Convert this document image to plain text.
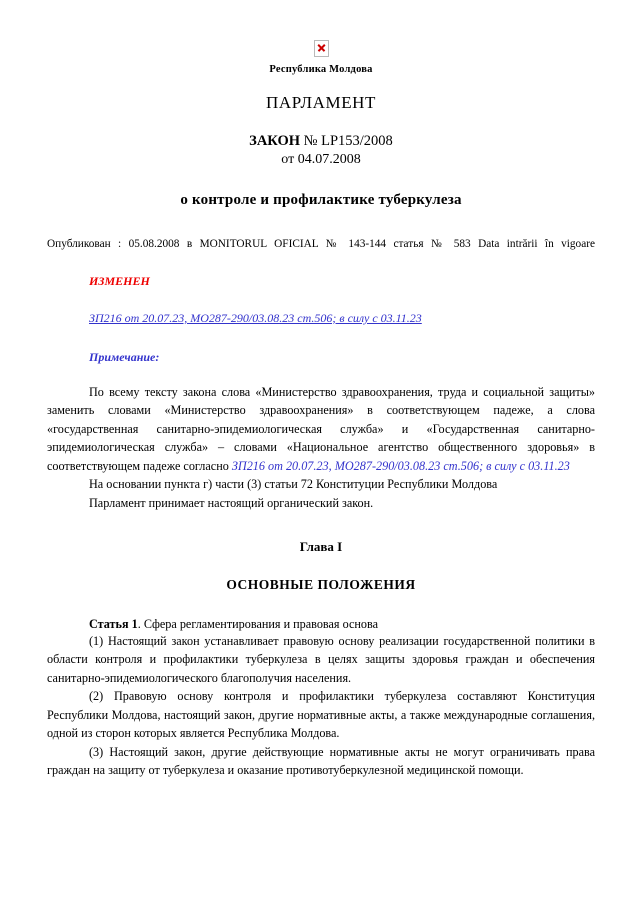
Республика Молдова
ПАРЛАМЕНТ
ЗАКОН № LP153/2008
от 04.07.2008
о контроле и профилактике туберкулеза
Опубликован : 05.08.2008 в MONITORUL OFICIAL № 143-144 статья № 583 Data intrării în vigoare
ИЗМЕНЕН
ЗП216 от 20.07.23, МО287-290/03.08.23 ст.506; в силу с 03.11.23
Примечание:

По всему тексту закона слова «Министерство здравоохранения, труда и социальной защиты» заменить словами «Министерство здравоохранения» в соответствующем падеже, а слова «государственная санитарно-эпидемиологическая служба» и «Государственная санитарно-эпидемиологическая служба» – словами «Национальное агентство общественного здоровья» в соответствующем падеже согласно ЗП216 от 20.07.23, МО287-290/03.08.23 ст.506; в силу с 03.11.23

На основании пункта г) части (3) статьи 72 Конституции Республики Молдова

Парламент принимает настоящий органический закон.

Глава I
ОСНОВНЫЕ ПОЛОЖЕНИЯ
Статья 1. Сфера регламентирования и правовая основа

(1) Настоящий закон устанавливает правовую основу реализации государственной политики в области контроля и профилактики туберкулеза в целях защиты здоровья граждан и обеспечения санитарно-эпидемиологического благополучия населения.

(2) Правовую основу контроля и профилактики туберкулеза составляют Конституция Республики Молдова, настоящий закон, другие нормативные акты, а также международные соглашения, одной из сторон которых является Республика Молдова.

(3) Настоящий закон, другие действующие нормативные акты не могут ограничивать права граждан на защиту от туберкулеза и оказание противотуберкулезной медицинской помощи.
